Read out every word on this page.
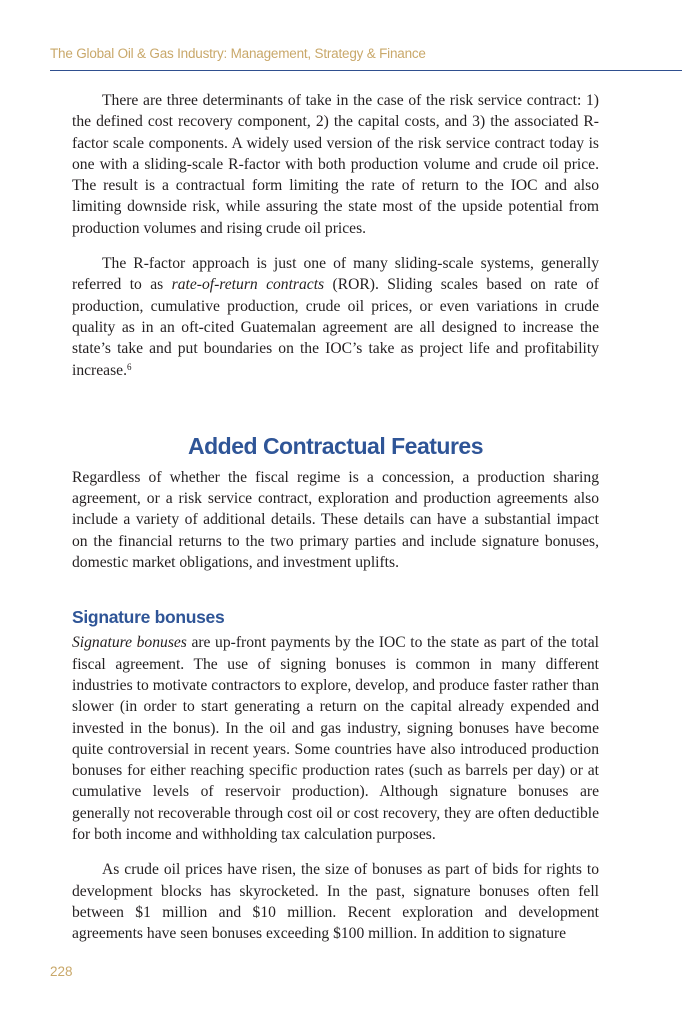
The Global Oil & Gas Industry: Management, Strategy & Finance

There are three determinants of take in the case of the risk service contract: 1) the defined cost recovery component, 2) the capital costs, and 3) the associated R-factor scale components. A widely used version of the risk service contract today is one with a sliding-scale R-factor with both production volume and crude oil price. The result is a contractual form limiting the rate of return to the IOC and also limiting downside risk, while assuring the state most of the upside potential from production volumes and rising crude oil prices.

The R-factor approach is just one of many sliding-scale systems, generally referred to as rate-of-return contracts (ROR). Sliding scales based on rate of production, cumulative production, crude oil prices, or even variations in crude quality as in an oft-cited Guatemalan agreement are all designed to increase the state’s take and put boundaries on the IOC’s take as project life and profitability increase.$^6$

Added Contractual Features

Regardless of whether the fiscal regime is a concession, a production sharing agreement, or a risk service contract, exploration and production agreements also include a variety of additional details. These details can have a substantial impact on the financial returns to the two primary parties and include signature bonuses, domestic market obligations, and investment uplifts.

Signature bonuses

Signature bonuses are up-front payments by the IOC to the state as part of the total fiscal agreement. The use of signing bonuses is common in many different industries to motivate contractors to explore, develop, and produce faster rather than slower (in order to start generating a return on the capital already expended and invested in the bonus). In the oil and gas industry, signing bonuses have become quite controversial in recent years. Some countries have also introduced production bonuses for either reaching specific production rates (such as barrels per day) or at cumulative levels of reservoir production). Although signature bonuses are generally not recoverable through cost oil or cost recovery, they are often deductible for both income and withholding tax calculation purposes.

As crude oil prices have risen, the size of bonuses as part of bids for rights to development blocks has skyrocketed. In the past, signature bonuses often fell between $1 million and $10 million. Recent exploration and development agreements have seen bonuses exceeding $100 million. In addition to signature

228
